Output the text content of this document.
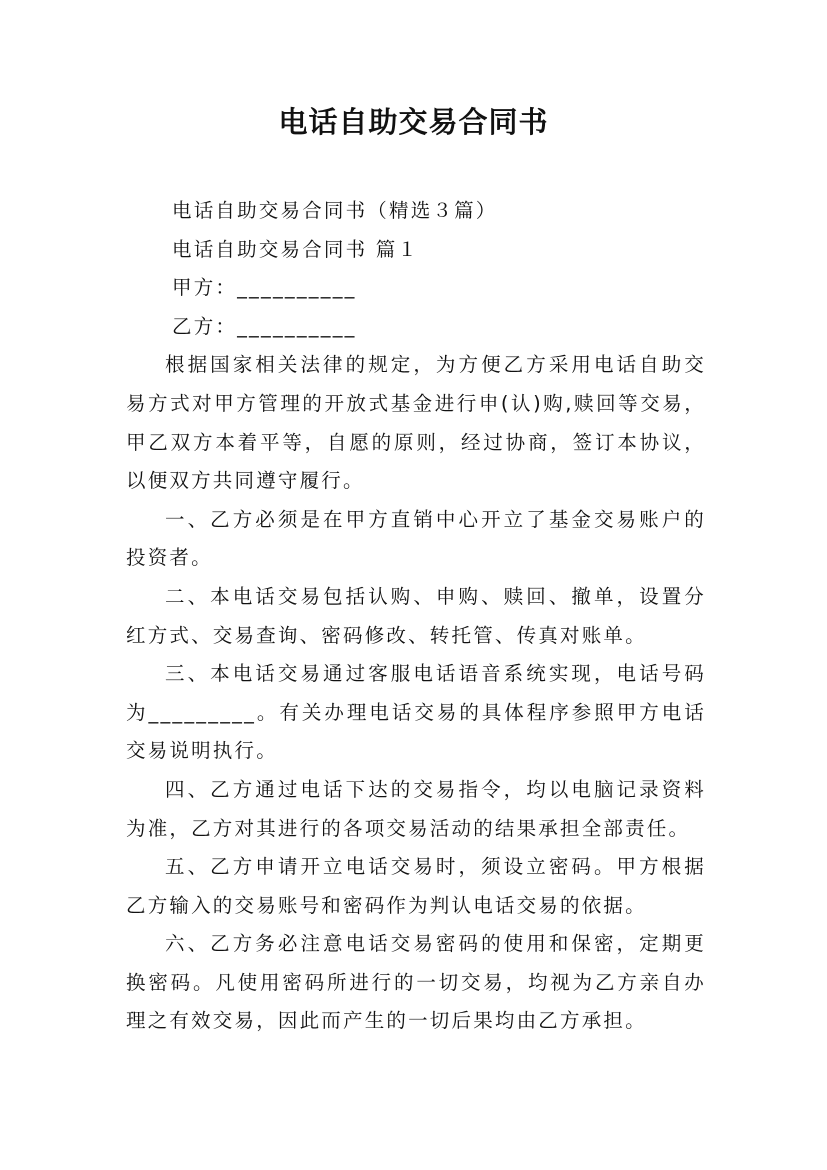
电话自助交易合同书

电话自助交易合同书（精选３篇）

电话自助交易合同书 篇１

甲方：__________

乙方：__________

根据国家相关法律的规定，为方便乙方采用电话自助交易方式对甲方管理的开放式基金进行申(认)购,赎回等交易，甲乙双方本着平等，自愿的原则，经过协商，签订本协议，以便双方共同遵守履行。

一、乙方必须是在甲方直销中心开立了基金交易账户的投资者。

二、本电话交易包括认购、申购、赎回、撤单，设置分红方式、交易查询、密码修改、转托管、传真对账单。

三、本电话交易通过客服电话语音系统实现，电话号码为_________。有关办理电话交易的具体程序参照甲方电话交易说明执行。

四、乙方通过电话下达的交易指令，均以电脑记录资料为准，乙方对其进行的各项交易活动的结果承担全部责任。

五、乙方申请开立电话交易时，须设立密码。甲方根据乙方输入的交易账号和密码作为判认电话交易的依据。

六、乙方务必注意电话交易密码的使用和保密，定期更换密码。凡使用密码所进行的一切交易，均视为乙方亲自办理之有效交易，因此而产生的一切后果均由乙方承担。
